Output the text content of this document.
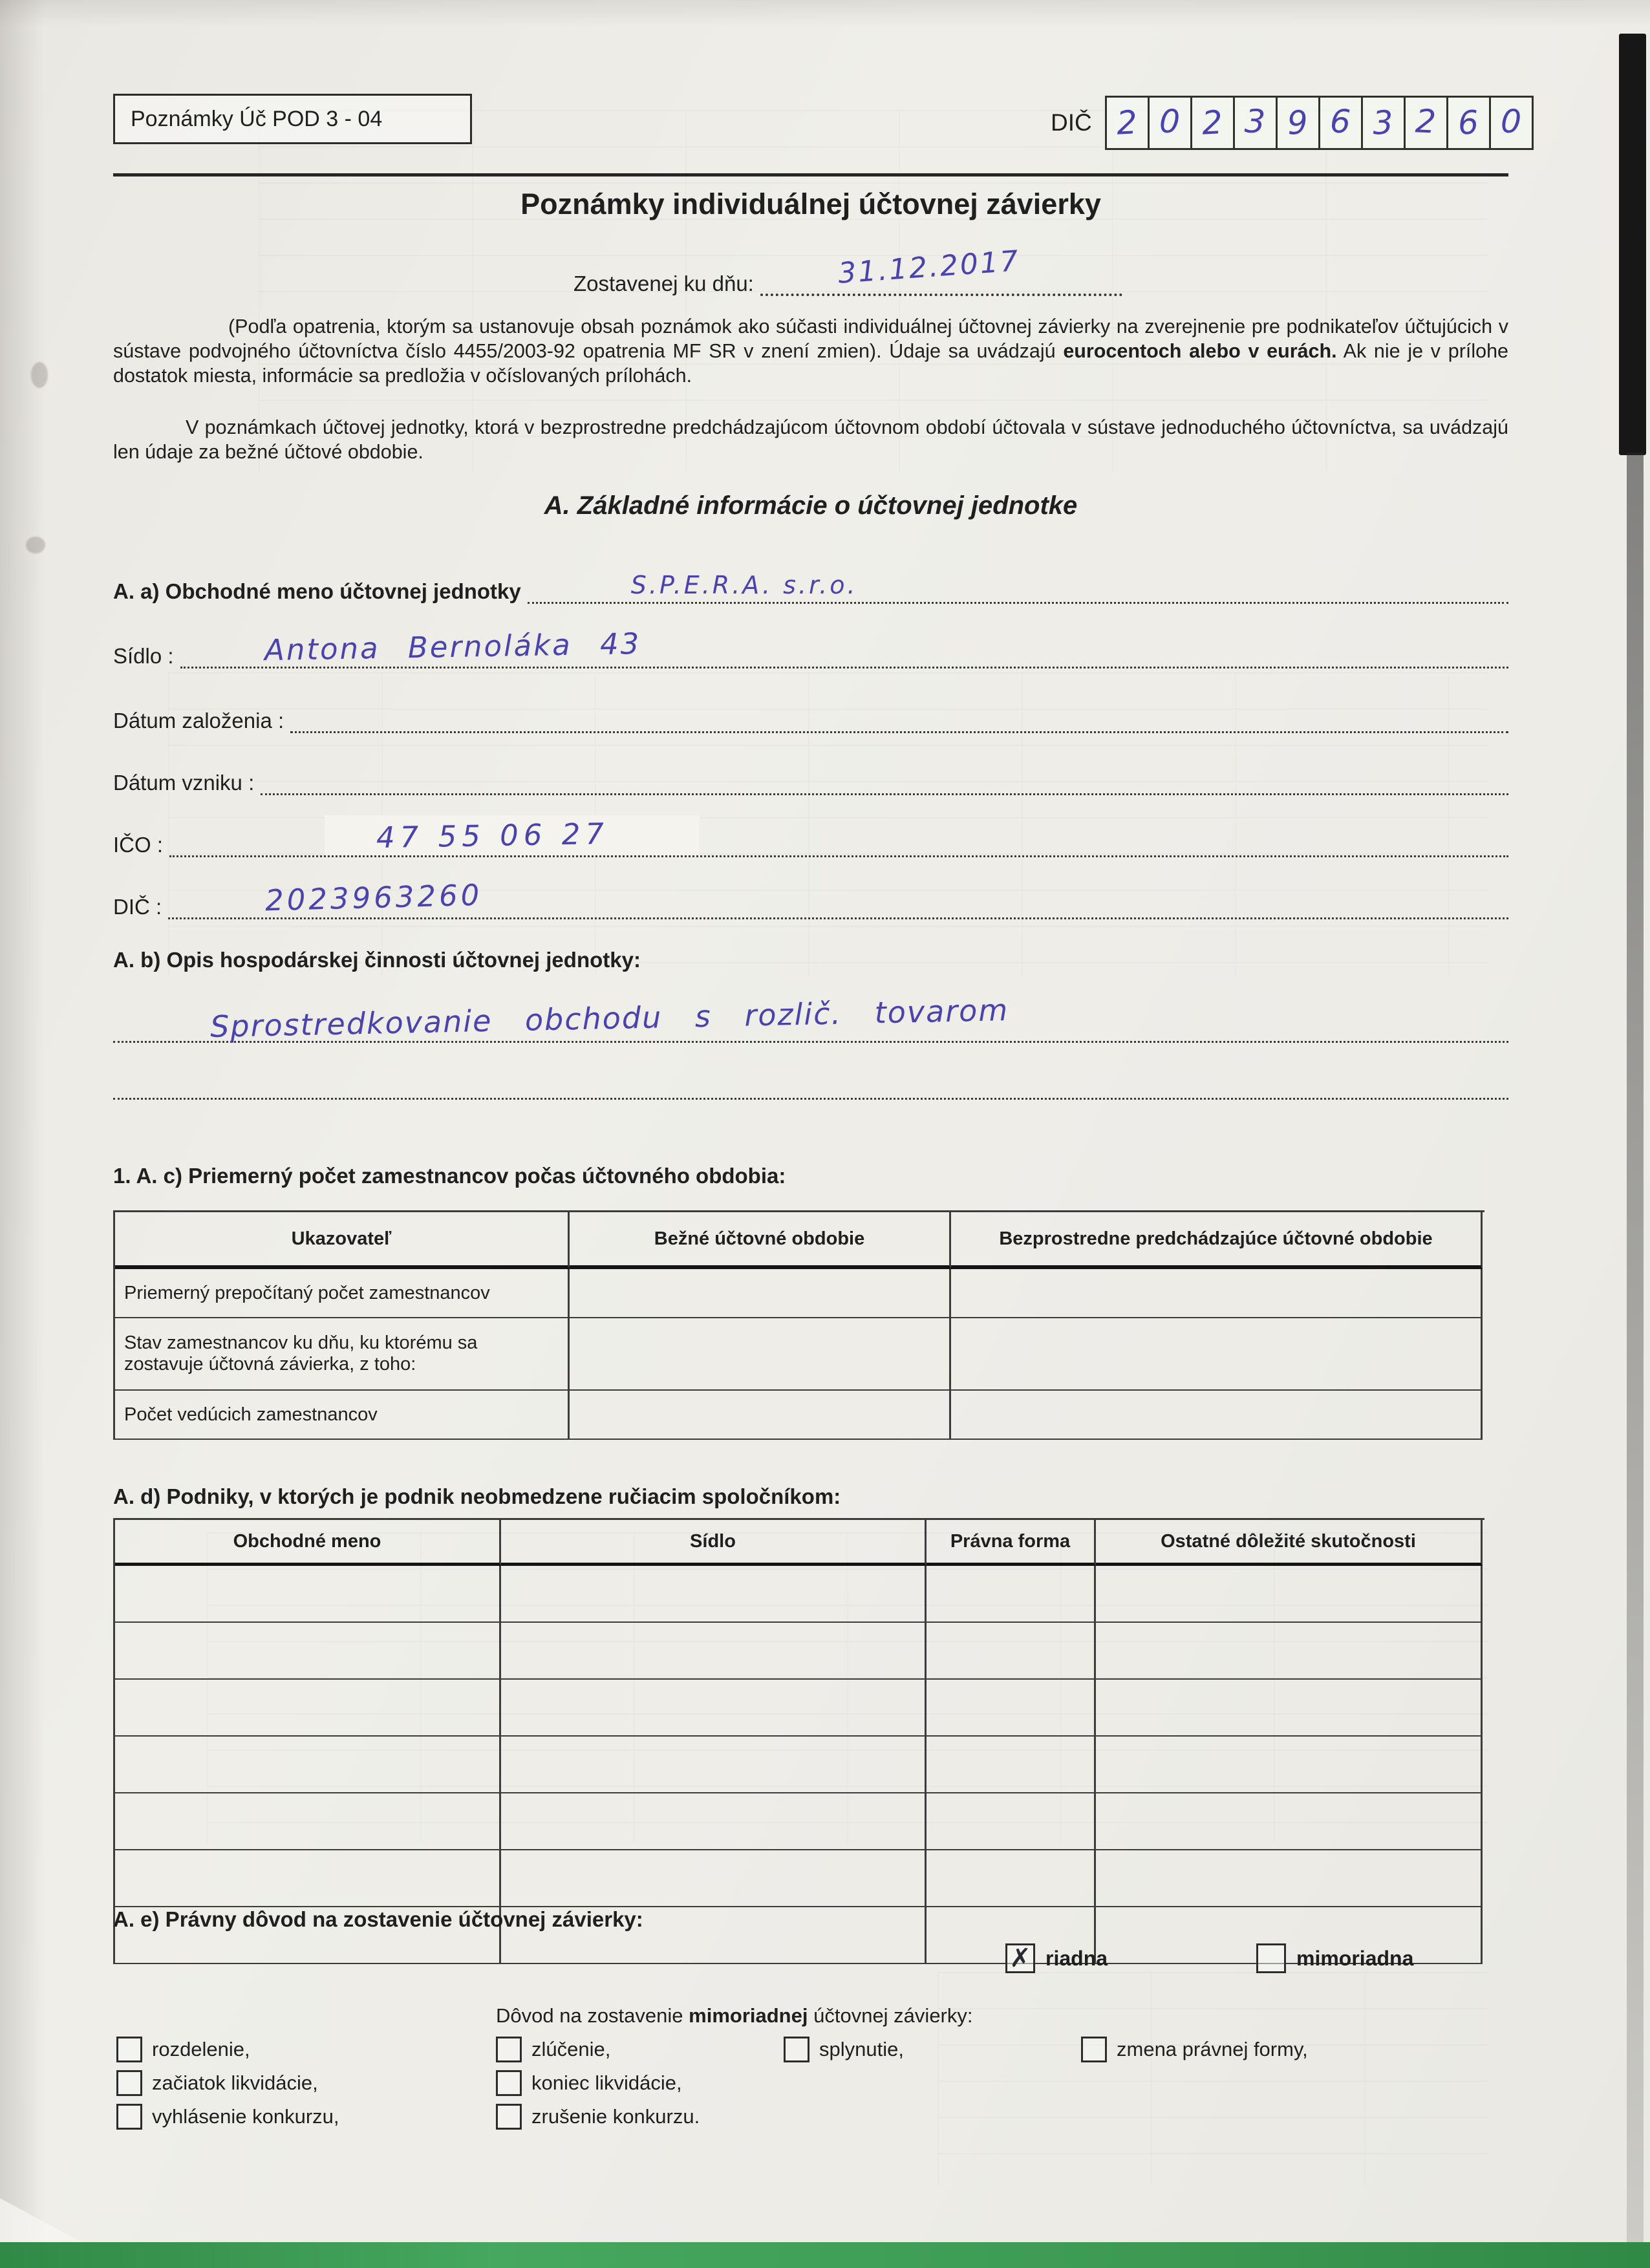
Poznámky Úč POD 3 - 04	DIČ 2 0 2 3 9 6 3 2 6 0
Poznámky individuálnej účtovnej závierky
Zostavenej ku dňu:	31.12.2017

(Podľa opatrenia, ktorým sa ustanovuje obsah poznámok ako súčasti individuálnej účtovnej závierky na zverejnenie pre podnikateľov účtujúcich v sústave podvojného účtovníctva číslo 4455/2003-92 opatrenia MF SR v znení zmien). Údaje sa uvádzajú eurocentoch alebo v eurách. Ak nie je v prílohe dostatok miesta, informácie sa predložia v očíslovaných prílohách.

V poznámkach účtovej jednotky, ktorá v bezprostredne predchádzajúcom účtovnom období účtovala v sústave jednoduchého účtovníctva, sa uvádzajú len údaje za bežné účtové obdobie.

A. Základné informácie o účtovnej jednotke
A. a) Obchodné meno účtovnej jednotky	S.P.E.R.A. s.r.o.
Sídlo :	Antona Bernoláka 43
Dátum založenia :
Dátum vzniku :
IČO :	47 55 06 27
DIČ :	2023963260
A. b) Opis hospodárskej činnosti účtovnej jednotky:
Sprostredkovanie obchodu s rozlič. tovarom
1. A. c) Priemerný počet zamestnancov počas účtovného obdobia:
Ukazovateľ	Bežné účtovné obdobie	Bezprostredne predchádzajúce účtovné obdobie
Priemerný prepočítaný počet zamestnancov
Stav zamestnancov ku dňu, ku ktorému sa zostavuje účtovná závierka, z toho:
Počet vedúcich zamestnancov
A. d) Podniky, v ktorých je podnik neobmedzene ručiacim spoločníkom:
Obchodné meno	Sídlo	Právna forma	Ostatné dôležité skutočnosti
A. e) Právny dôvod na zostavenie účtovnej závierky:
✗ riadna	mimoriadna

Dôvod na zostavenie mimoriadnej účtovnej závierky:

rozdelenie,	zlúčenie,	splynutie,	zmena právnej formy,
začiatok likvidácie,	koniec likvidácie,
vyhlásenie konkurzu,	zrušenie konkurzu.
